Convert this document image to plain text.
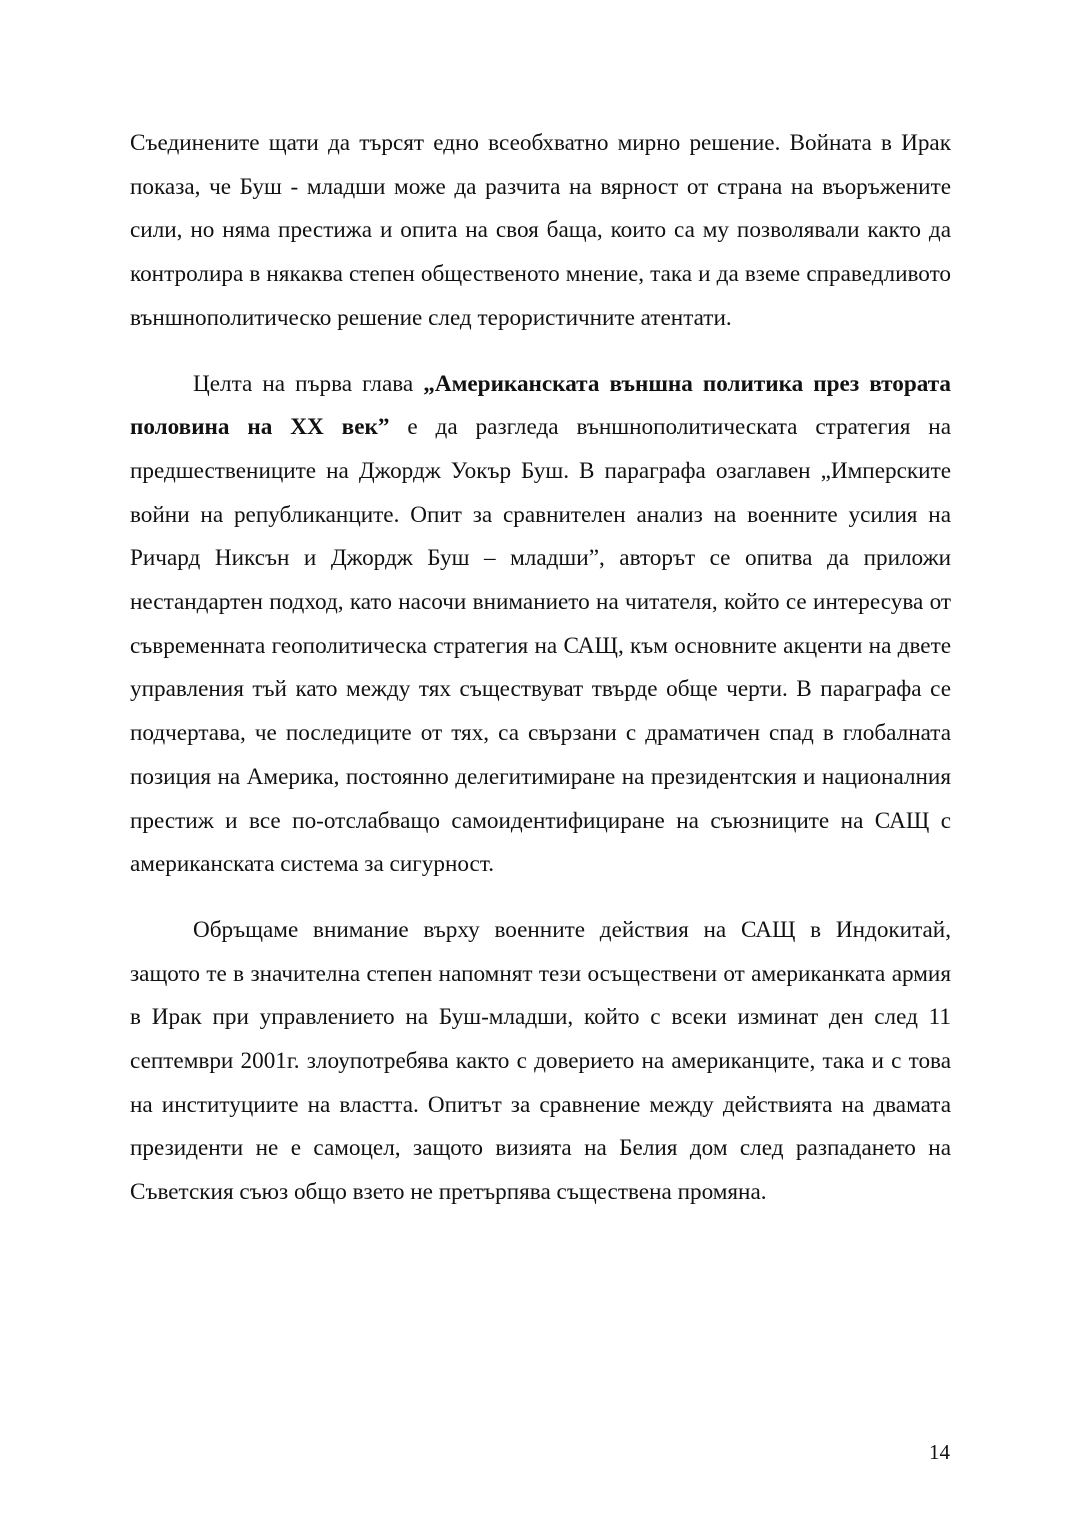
Съединените щати да търсят едно всеобхватно мирно решение. Войната в Ирак показа, че Буш - младши може да разчита на вярност от страна на въоръжените сили, но няма престижа и опита на своя баща, които са му позволявали както да контролира в някаква степен общественото мнение, така и да вземе справедливото външнополитическо решение след терористичните атентати.

Целта на първа глава „Американската външна политика през втората половина на ХХ век” е да разгледа външнополитическата стратегия на предшествениците на Джордж Уокър Буш. В параграфа озаглавен „Имперските войни на републиканците. Опит за сравнителен анализ на военните усилия на Ричард Никсън и Джордж Буш – младши”, авторът се опитва да приложи нестандартен подход, като насочи вниманието на читателя, който се интересува от съвременната геополитическа стратегия на САЩ, към основните акценти на двете управления тъй като между тях съществуват твърде обще черти. В параграфа се подчертава, че последиците от тях, са свързани с драматичен спад в глобалната позиция на Америка, постоянно делегитимиране на президентския и националния престиж и все по-отслабващо самоидентифициране на съюзниците на САЩ с американската система за сигурност.

Обръщаме внимание върху военните действия на САЩ в Индокитай, защото те в значителна степен напомнят тези осъществени от американката армия в Ирак при управлението на Буш-младши, който с всеки изминат ден след 11 септември 2001г. злоупотребява както с доверието на американците, така и с това на институциите на властта. Опитът за сравнение между действията на двамата президенти не е самоцел, защото визията на Белия дом след разпадането на Съветския съюз общо взето не претърпява съществена промяна.

14
